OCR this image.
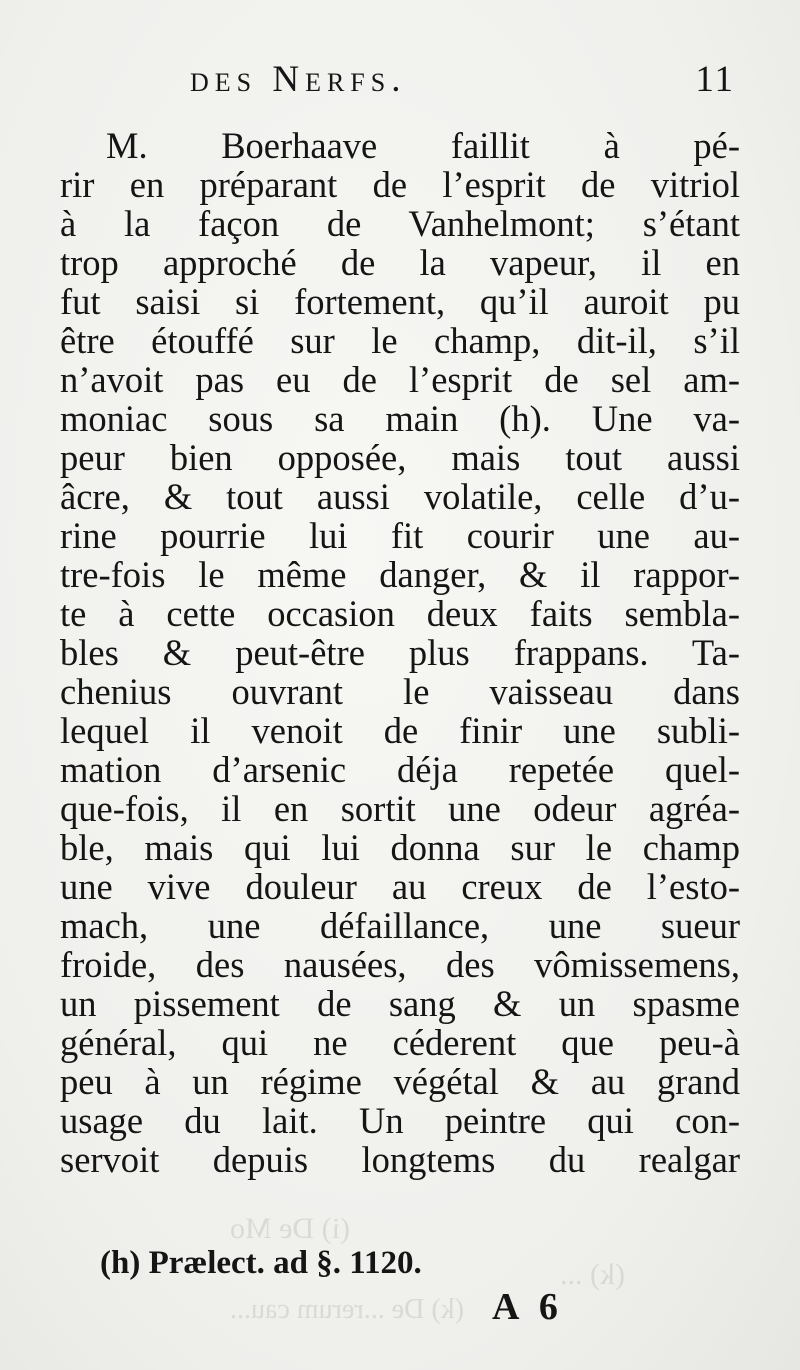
des Nerfs.	11
M. Boerhaave faillit à pé-
rir en préparant de l’esprit de vitriol
à la façon de Vanhelmont; s’étant
trop approché de la vapeur, il en
fut saisi si fortement, qu’il auroit pu
être étouffé sur le champ, dit-il, s’il
n’avoit pas eu de l’esprit de sel am-
moniac sous sa main (h). Une va-
peur bien opposée, mais tout aussi
âcre, & tout aussi volatile, celle d’u-
rine pourrie lui fit courir une au-
tre-fois le même danger, & il rappor-
te à cette occasion deux faits sembla-
bles & peut-être plus frappans. Ta-
chenius ouvrant le vaisseau dans
lequel il venoit de finir une subli-
mation d’arsenic déja repetée quel-
que-fois, il en sortit une odeur agréa-
ble, mais qui lui donna sur le champ
une vive douleur au creux de l’esto-
mach, une défaillance, une sueur
froide, des nausées, des vômissemens,
un pissement de sang & un spasme
général, qui ne céderent que peu-à
peu à un régime végétal & au grand
usage du lait. Un peintre qui con-
servoit depuis longtems du realgar
(i) De Mo
(k) ...
(k) De ...rerum cau...
(h) Prælect. ad §. 1120.
A 6
